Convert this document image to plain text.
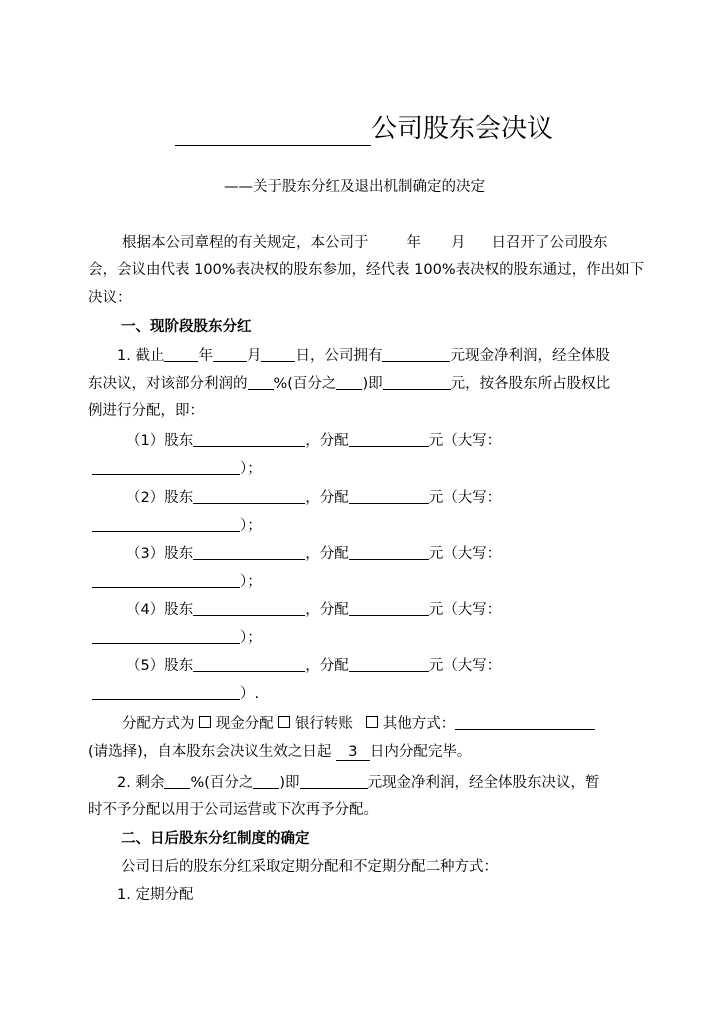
公司股东会决议
——关于股东分红及退出机制确定的决定
根据本公司章程的有关规定，本公司于	年 月 日召开了公司股东
会，会议由代表 100%表决权的股东参加，经代表 100%表决权的股东通过，作出如下
决议：
一、现阶段股东分红
1. 截止 年 月 日，公司拥有	元现金净利润，经全体股
东决议，对该部分利润的 %(百分之 )即	元，按各股东所占股权比
例进行分配，即：
（1）股东	，分配	元（大写：
）；
（2）股东	，分配	元（大写：
）；
（3）股东	，分配	元（大写：
）；
（4）股东	，分配	元（大写：
）；
（5）股东	，分配	元（大写：
）.
分配方式为 现金分配 银行转账 其他方式：
(请选择)，自本股东会决议生效之日起 3 日内分配完毕。
2. 剩余 %(百分之 )即	元现金净利润，经全体股东决议，暂
时不予分配以用于公司运营或下次再予分配。
二、日后股东分红制度的确定
公司日后的股东分红采取定期分配和不定期分配二种方式：
1. 定期分配
